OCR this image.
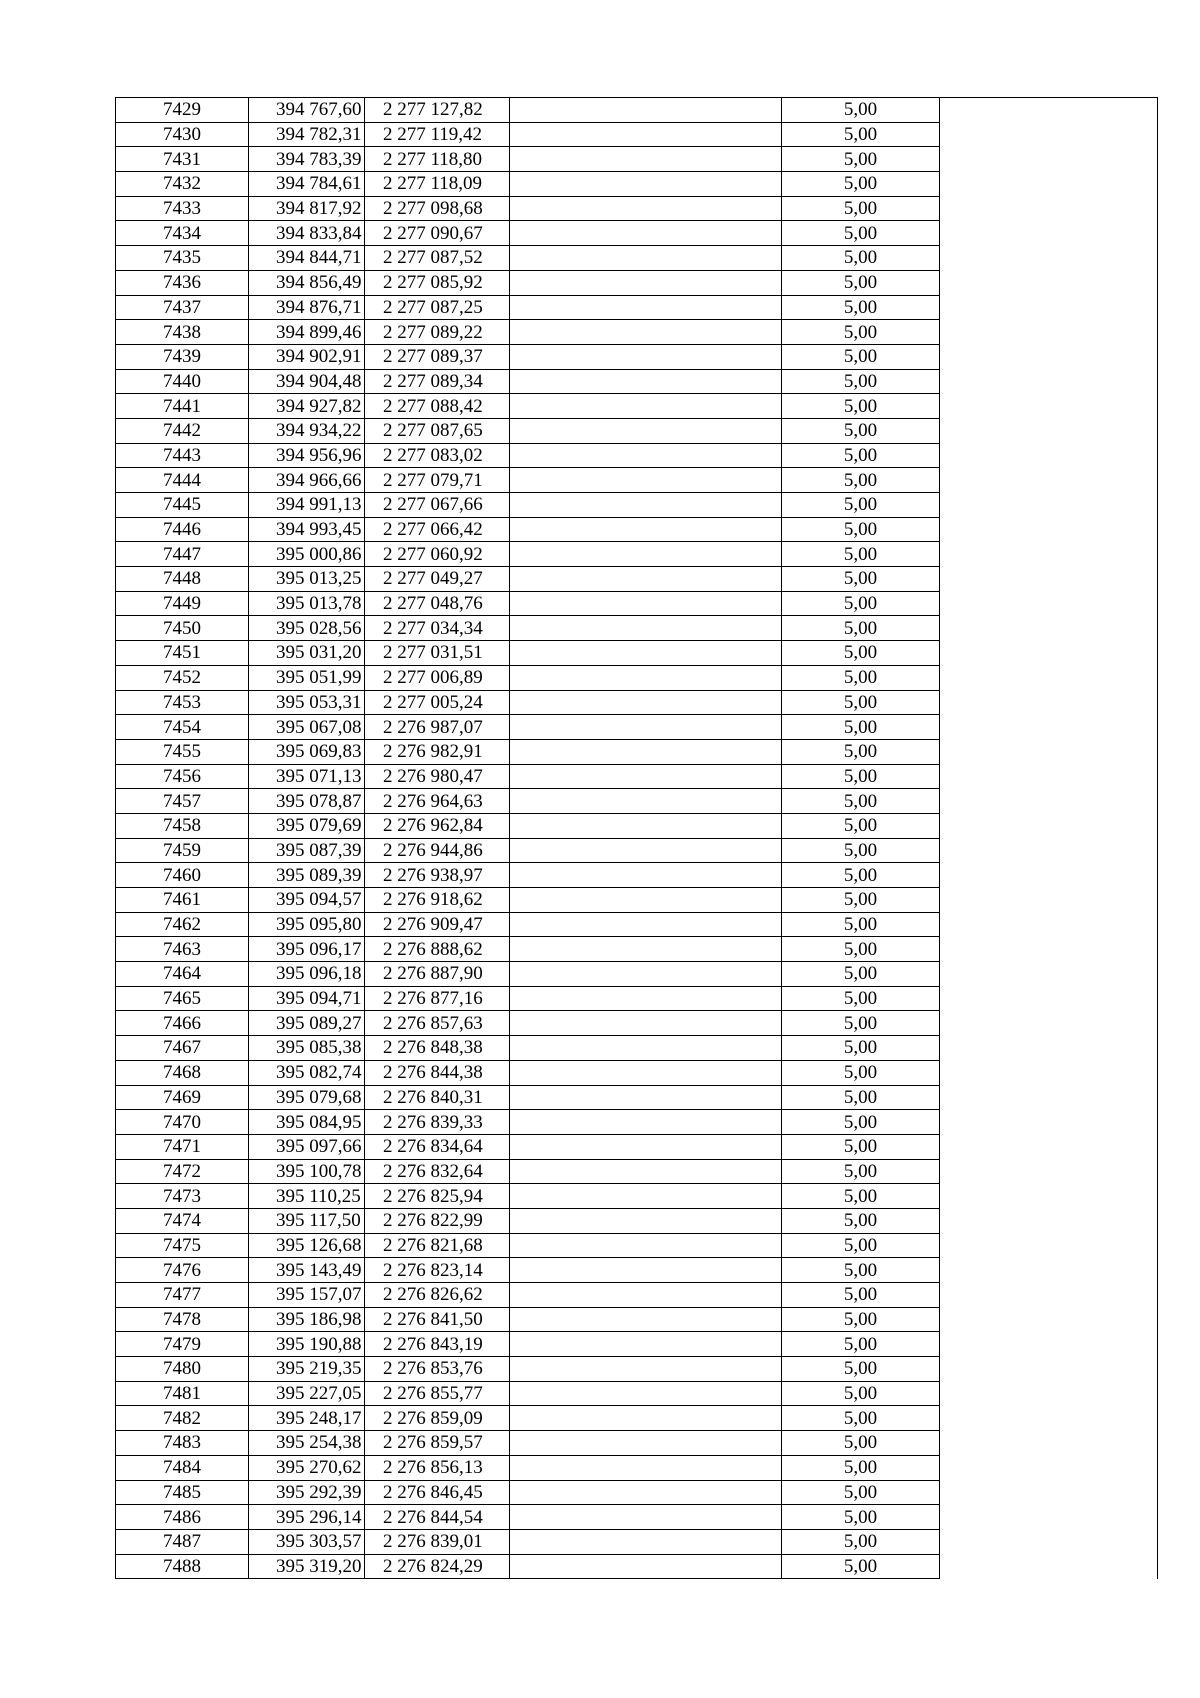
7429	394 767,60	2 277 127,82		5,00	
7430	394 782,31	2 277 119,42		5,00	
7431	394 783,39	2 277 118,80		5,00	
7432	394 784,61	2 277 118,09		5,00	
7433	394 817,92	2 277 098,68		5,00	
7434	394 833,84	2 277 090,67		5,00	
7435	394 844,71	2 277 087,52		5,00	
7436	394 856,49	2 277 085,92		5,00	
7437	394 876,71	2 277 087,25		5,00	
7438	394 899,46	2 277 089,22		5,00	
7439	394 902,91	2 277 089,37		5,00	
7440	394 904,48	2 277 089,34		5,00	
7441	394 927,82	2 277 088,42		5,00	
7442	394 934,22	2 277 087,65		5,00	
7443	394 956,96	2 277 083,02		5,00	
7444	394 966,66	2 277 079,71		5,00	
7445	394 991,13	2 277 067,66		5,00	
7446	394 993,45	2 277 066,42		5,00	
7447	395 000,86	2 277 060,92		5,00	
7448	395 013,25	2 277 049,27		5,00	
7449	395 013,78	2 277 048,76		5,00	
7450	395 028,56	2 277 034,34		5,00	
7451	395 031,20	2 277 031,51		5,00	
7452	395 051,99	2 277 006,89		5,00	
7453	395 053,31	2 277 005,24		5,00	
7454	395 067,08	2 276 987,07		5,00	
7455	395 069,83	2 276 982,91		5,00	
7456	395 071,13	2 276 980,47		5,00	
7457	395 078,87	2 276 964,63		5,00	
7458	395 079,69	2 276 962,84		5,00	
7459	395 087,39	2 276 944,86		5,00	
7460	395 089,39	2 276 938,97		5,00	
7461	395 094,57	2 276 918,62		5,00	
7462	395 095,80	2 276 909,47		5,00	
7463	395 096,17	2 276 888,62		5,00	
7464	395 096,18	2 276 887,90		5,00	
7465	395 094,71	2 276 877,16		5,00	
7466	395 089,27	2 276 857,63		5,00	
7467	395 085,38	2 276 848,38		5,00	
7468	395 082,74	2 276 844,38		5,00	
7469	395 079,68	2 276 840,31		5,00	
7470	395 084,95	2 276 839,33		5,00	
7471	395 097,66	2 276 834,64		5,00	
7472	395 100,78	2 276 832,64		5,00	
7473	395 110,25	2 276 825,94		5,00	
7474	395 117,50	2 276 822,99		5,00	
7475	395 126,68	2 276 821,68		5,00	
7476	395 143,49	2 276 823,14		5,00	
7477	395 157,07	2 276 826,62		5,00	
7478	395 186,98	2 276 841,50		5,00	
7479	395 190,88	2 276 843,19		5,00	
7480	395 219,35	2 276 853,76		5,00	
7481	395 227,05	2 276 855,77		5,00	
7482	395 248,17	2 276 859,09		5,00	
7483	395 254,38	2 276 859,57		5,00	
7484	395 270,62	2 276 856,13		5,00	
7485	395 292,39	2 276 846,45		5,00	
7486	395 296,14	2 276 844,54		5,00	
7487	395 303,57	2 276 839,01		5,00	
7488	395 319,20	2 276 824,29		5,00	
